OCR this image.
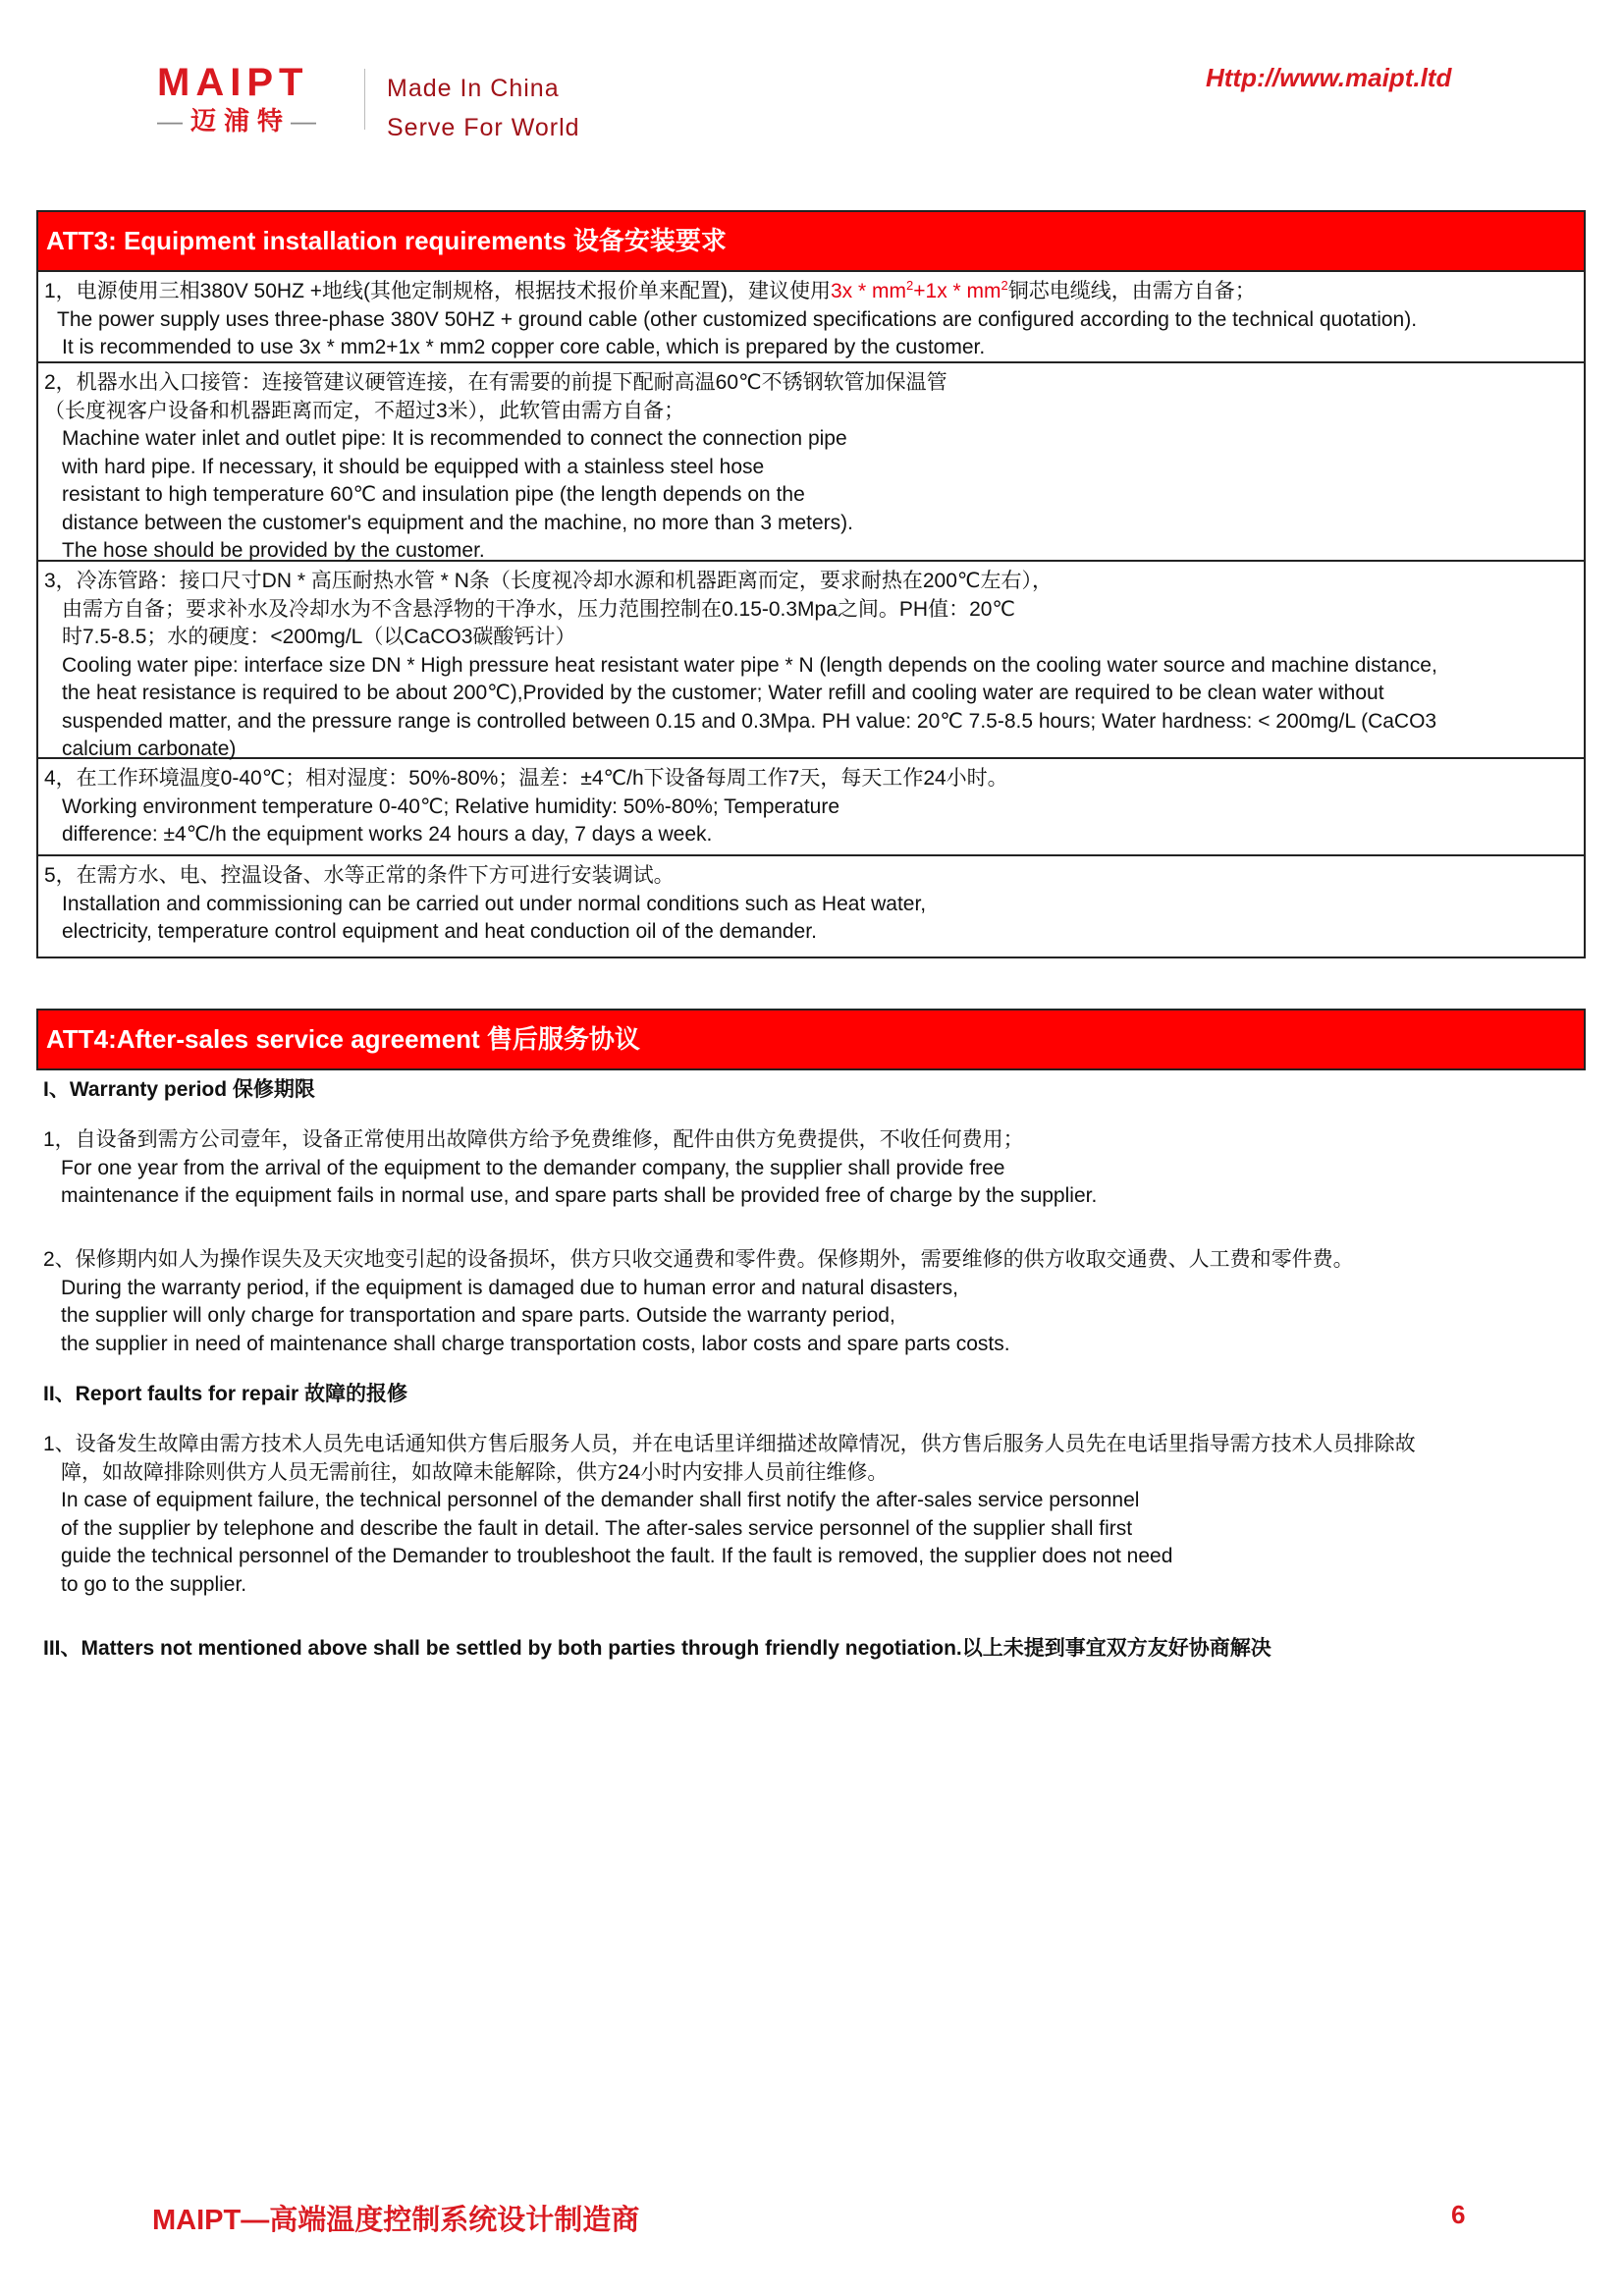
MAIPT
—迈浦特—
Made In China
Serve For World
Http://www.maipt.ltd
ATT3: Equipment installation requirements 设备安装要求
1，电源使用三相380V 50HZ +地线(其他定制规格，根据技术报价单来配置)，建议使用$3x * mm^2+1x * mm^2$铜芯电缆线，由需方自备；
The power supply uses three-phase 380V 50HZ + ground cable (other customized specifications are configured according to the technical quotation).
It is recommended to use 3x * mm2+1x * mm2 copper core cable, which is prepared by the customer.
2，机器水出入口接管：连接管建议硬管连接，在有需要的前提下配耐高温60℃不锈钢软管加保温管
（长度视客户设备和机器距离而定，不超过3米），此软管由需方自备；
Machine water inlet and outlet pipe: It is recommended to connect the connection pipe
with hard pipe. If necessary, it should be equipped with a stainless steel hose
resistant to high temperature 60℃ and insulation pipe (the length depends on the
distance between the customer's equipment and the machine, no more than 3 meters).
The hose should be provided by the customer.
3，冷冻管路：接口尺寸DN * 高压耐热水管 * N条（长度视冷却水源和机器距离而定，要求耐热在200℃左右），
由需方自备；要求补水及冷却水为不含悬浮物的干净水，压力范围控制在0.15-0.3Mpa之间。PH值：20℃
时7.5-8.5；水的硬度：<200mg/L（以CaCO3碳酸钙计）
Cooling water pipe: interface size DN * High pressure heat resistant water pipe * N (length depends on the cooling water source and machine distance,
the heat resistance is required to be about 200℃),Provided by the customer; Water refill and cooling water are required to be clean water without
suspended matter, and the pressure range is controlled between 0.15 and 0.3Mpa. PH value: 20℃ 7.5-8.5 hours; Water hardness: < 200mg/L (CaCO3
calcium carbonate)
4，在工作环境温度0-40℃；相对湿度：50%-80%；温差：±4℃/h下设备每周工作7天，每天工作24小时。
Working environment temperature 0-40℃; Relative humidity: 50%-80%; Temperature
difference: ±4℃/h the equipment works 24 hours a day, 7 days a week.
5，在需方水、电、控温设备、水等正常的条件下方可进行安装调试。
Installation and commissioning can be carried out under normal conditions such as Heat water,
electricity, temperature control equipment and heat conduction oil of the demander.
ATT4:After-sales service agreement 售后服务协议
I、Warranty period 保修期限
1，自设备到需方公司壹年，设备正常使用出故障供方给予免费维修，配件由供方免费提供，不收任何费用；
For one year from the arrival of the equipment to the demander company, the supplier shall provide free
maintenance if the equipment fails in normal use, and spare parts shall be provided free of charge by the supplier.
2、保修期内如人为操作误失及天灾地变引起的设备损坏，供方只收交通费和零件费。保修期外，需要维修的供方收取交通费、人工费和零件费。
During the warranty period, if the equipment is damaged due to human error and natural disasters,
the supplier will only charge for transportation and spare parts. Outside the warranty period,
the supplier in need of maintenance shall charge transportation costs, labor costs and spare parts costs.
II、Report faults for repair 故障的报修
1、设备发生故障由需方技术人员先电话通知供方售后服务人员，并在电话里详细描述故障情况，供方售后服务人员先在电话里指导需方技术人员排除故
障，如故障排除则供方人员无需前往，如故障未能解除，供方24小时内安排人员前往维修。
In case of equipment failure, the technical personnel of the demander shall first notify the after-sales service personnel
of the supplier by telephone and describe the fault in detail. The after-sales service personnel of the supplier shall first
guide the technical personnel of the Demander to troubleshoot the fault. If the fault is removed, the supplier does not need
to go to the supplier.
III、Matters not mentioned above shall be settled by both parties through friendly negotiation.以上未提到事宜双方友好协商解决
MAIPT—高端温度控制系统设计制造商	6
